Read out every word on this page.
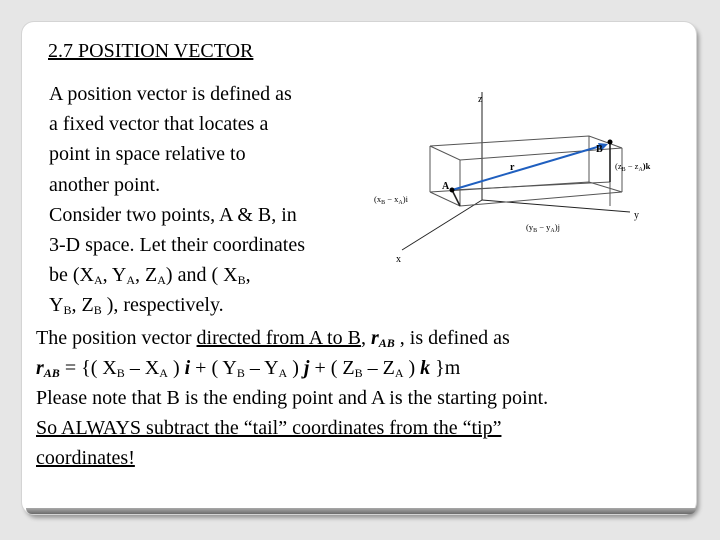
2.7 POSITION VECTOR
A position vector is defined as
a fixed vector that locates a
point in space relative to
another point.
Consider two points, A & B, in
3-D space. Let their coordinates
be ($X_A$, $Y_A$, $Z_A$) and ( $X_B$,
$Y_B$, $Z_B$ ), respectively.
z
y
x
A
B
r
$(x_B - x_A)i$
$(y_B - y_A)j$
$(z_B - z_A)k$
The position vector directed from A to B, $r_{AB}$ , is defined as
$r_{AB}$ = {( $X_B - X_A$ ) i + ( $Y_B - Y_A$ ) j + ( $Z_B - Z_A$ ) k }m
Please note that B is the ending point and A is the starting point.
So ALWAYS subtract the “tail” coordinates from the “tip”
coordinates!
